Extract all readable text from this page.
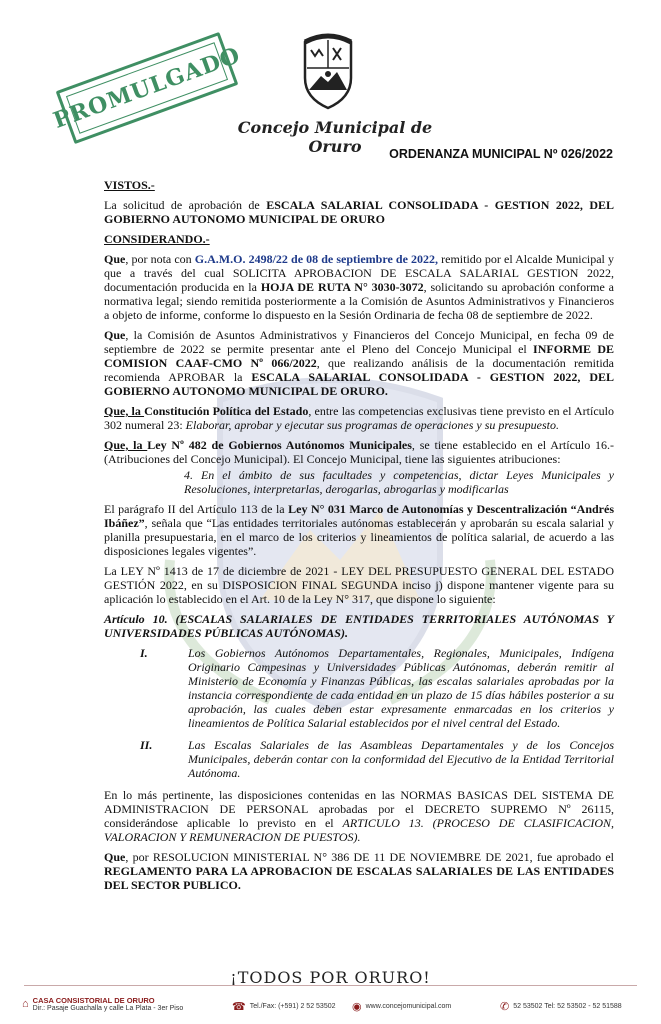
Concejo Municipal de Oruro
PROMULGADO
ORDENANZA MUNICIPAL Nº 026/2022

VISTOS.-

La solicitud de aprobación de ESCALA SALARIAL CONSOLIDADA - GESTION 2022, DEL GOBIERNO AUTONOMO MUNICIPAL DE ORURO

CONSIDERANDO.-

Que, por nota con G.A.M.O. 2498/22 de 08 de septiembre de 2022, remitido por el Alcalde Municipal y que a través del cual SOLICITA APROBACION DE ESCALA SALARIAL GESTION 2022, documentación producida en la HOJA DE RUTA N° 3030-3072, solicitando su aprobación conforme a normativa legal; siendo remitida posteriormente a la Comisión de Asuntos Administrativos y Financieros a objeto de informe, conforme lo dispuesto en la Sesión Ordinaria de fecha 08 de septiembre de 2022.

Que, la Comisión de Asuntos Administrativos y Financieros del Concejo Municipal, en fecha 09 de septiembre de 2022 se permite presentar ante el Pleno del Concejo Municipal el INFORME DE COMISION CAAF-CMO Nº 066/2022, que realizando análisis de la documentación remitida recomienda APROBAR la ESCALA SALARIAL CONSOLIDADA - GESTION 2022, DEL GOBIERNO AUTONOMO MUNICIPAL DE ORURO.

Que, la Constitución Política del Estado, entre las competencias exclusivas tiene previsto en el Artículo 302 numeral 23: Elaborar, aprobar y ejecutar sus programas de operaciones y su presupuesto.

Que, la Ley Nº 482 de Gobiernos Autónomos Municipales, se tiene establecido en el Artículo 16.- (Atribuciones del Concejo Municipal). El Concejo Municipal, tiene las siguientes atribuciones:

4. En el ámbito de sus facultades y competencias, dictar Leyes Municipales y Resoluciones, interpretarlas, derogarlas, abrogarlas y modificarlas

El parágrafo II del Artículo 113 de la Ley N° 031 Marco de Autonomías y Descentralización “Andrés Ibáñez”, señala que “Las entidades territoriales autónomas establecerán y aprobarán su escala salarial y planilla presupuestaria, en el marco de los criterios y lineamientos de política salarial, de acuerdo a las disposiciones legales vigentes”.

La LEY Nº 1413 de 17 de diciembre de 2021 - LEY DEL PRESUPUESTO GENERAL DEL ESTADO GESTIÓN 2022, en su DISPOSICION FINAL SEGUNDA inciso j) dispone mantener vigente para su aplicación lo establecido en el Art. 10 de la Ley N° 317, que dispone lo siguiente:

Artículo 10. (ESCALAS SALARIALES DE ENTIDADES TERRITORIALES AUTÓNOMAS Y UNIVERSIDADES PÚBLICAS AUTÓNOMAS).

I.	Los Gobiernos Autónomos Departamentales, Regionales, Municipales, Indígena Originario Campesinas y Universidades Públicas Autónomas, deberán remitir al Ministerio de Economía y Finanzas Públicas, las escalas salariales aprobadas por la instancia correspondiente de cada entidad en un plazo de 15 días hábiles posterior a su aprobación, las cuales deben estar expresamente enmarcadas en los criterios y lineamientos de Política Salarial establecidos por el nivel central del Estado.
II.	Las Escalas Salariales de las Asambleas Departamentales y de los Concejos Municipales, deberán contar con la conformidad del Ejecutivo de la Entidad Territorial Autónoma.

En lo más pertinente, las disposiciones contenidas en las NORMAS BASICAS DEL SISTEMA DE ADMINISTRACION DE PERSONAL aprobadas por el DECRETO SUPREMO Nº 26115, considerándose aplicable lo previsto en el ARTICULO 13. (PROCESO DE CLASIFICACION, VALORACION Y REMUNERACION DE PUESTOS).

Que, por RESOLUCION MINISTERIAL N° 386 DE 11 DE NOVIEMBRE DE 2021, fue aprobado el REGLAMENTO PARA LA APROBACION DE ESCALAS SALARIALES DE LAS ENTIDADES DEL SECTOR PUBLICO.

¡TODOS POR ORURO!
⌂ CASA CONSISTORIAL DE ORURO
Dir.: Pasaje Guachalla y calle La Plata - 3er Piso	☎ Tel./Fax: (+591) 2 52 53502 ◉ www.concejomunicipal.com	✆ 52 53502 Tel: 52 53502 - 52 51588
